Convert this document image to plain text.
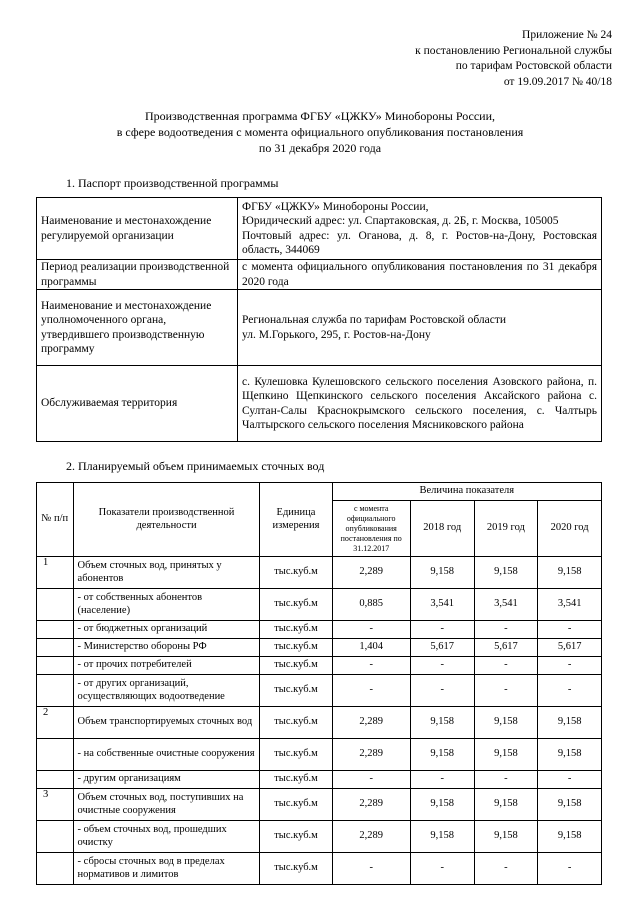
Приложение № 24
к постановлению Региональной службы
по тарифам Ростовской области
от 19.09.2017 № 40/18
Производственная программа ФГБУ «ЦЖКУ» Минобороны России,
в сфере водоотведения с момента официального опубликования постановления
по 31 декабря 2020 года
1. Паспорт производственной программы
Наименование и местонахождение регулируемой организации	ФГБУ «ЦЖКУ» Минобороны России,
Юридический адрес: ул. Спартаковская, д. 2Б, г. Москва, 105005
Почтовый адрес: ул. Оганова, д. 8, г. Ростов-на-Дону, Ростовская область, 344069

Период реализации производственной программы	с момента официального опубликования постановления по 31 декабря 2020 года
Наименование и местонахождение уполномоченного органа, утвердившего производственную программу	Региональная служба по тарифам Ростовской области
ул. М.Горького, 295, г. Ростов-на-Дону

Обслуживаемая территория	с. Кулешовка Кулешовского сельского поселения Азовского района, п. Щепкино Щепкинского сельского поселения Аксайского района с. Султан-Салы Краснокрымского сельского поселения, с. Чалтырь Чалтырского сельского поселения Мясниковского района
2. Планируемый объем принимаемых сточных вод
№ п/п	Показатели производственной деятельности	Единица измерения	Величина показателя			
			с момента официального опубликования постановления по 31.12.2017	2018 год	2019 год	2020 год
1	Объем сточных вод, принятых у абонентов	тыс.куб.м	2,289	9,158	9,158	9,158
	- от собственных абонентов (население)	тыс.куб.м	0,885	3,541	3,541	3,541
	- от бюджетных организаций	тыс.куб.м	-	-	-	-
	- Министерство обороны РФ	тыс.куб.м	1,404	5,617	5,617	5,617
	- от прочих потребителей	тыс.куб.м	-	-	-	-
	- от других организаций, осуществляющих водоотведение	тыс.куб.м	-	-	-	-
2	Объем транспортируемых сточных вод	тыс.куб.м	2,289	9,158	9,158	9,158
	- на собственные очистные сооружения	тыс.куб.м	2,289	9,158	9,158	9,158
	- другим организациям	тыс.куб.м	-	-	-	-
3	Объем сточных вод, поступивших на очистные сооружения	тыс.куб.м	2,289	9,158	9,158	9,158
	- объем сточных вод, прошедших очистку	тыс.куб.м	2,289	9,158	9,158	9,158
	- сбросы сточных вод в пределах нормативов и лимитов	тыс.куб.м	-	-	-	-
